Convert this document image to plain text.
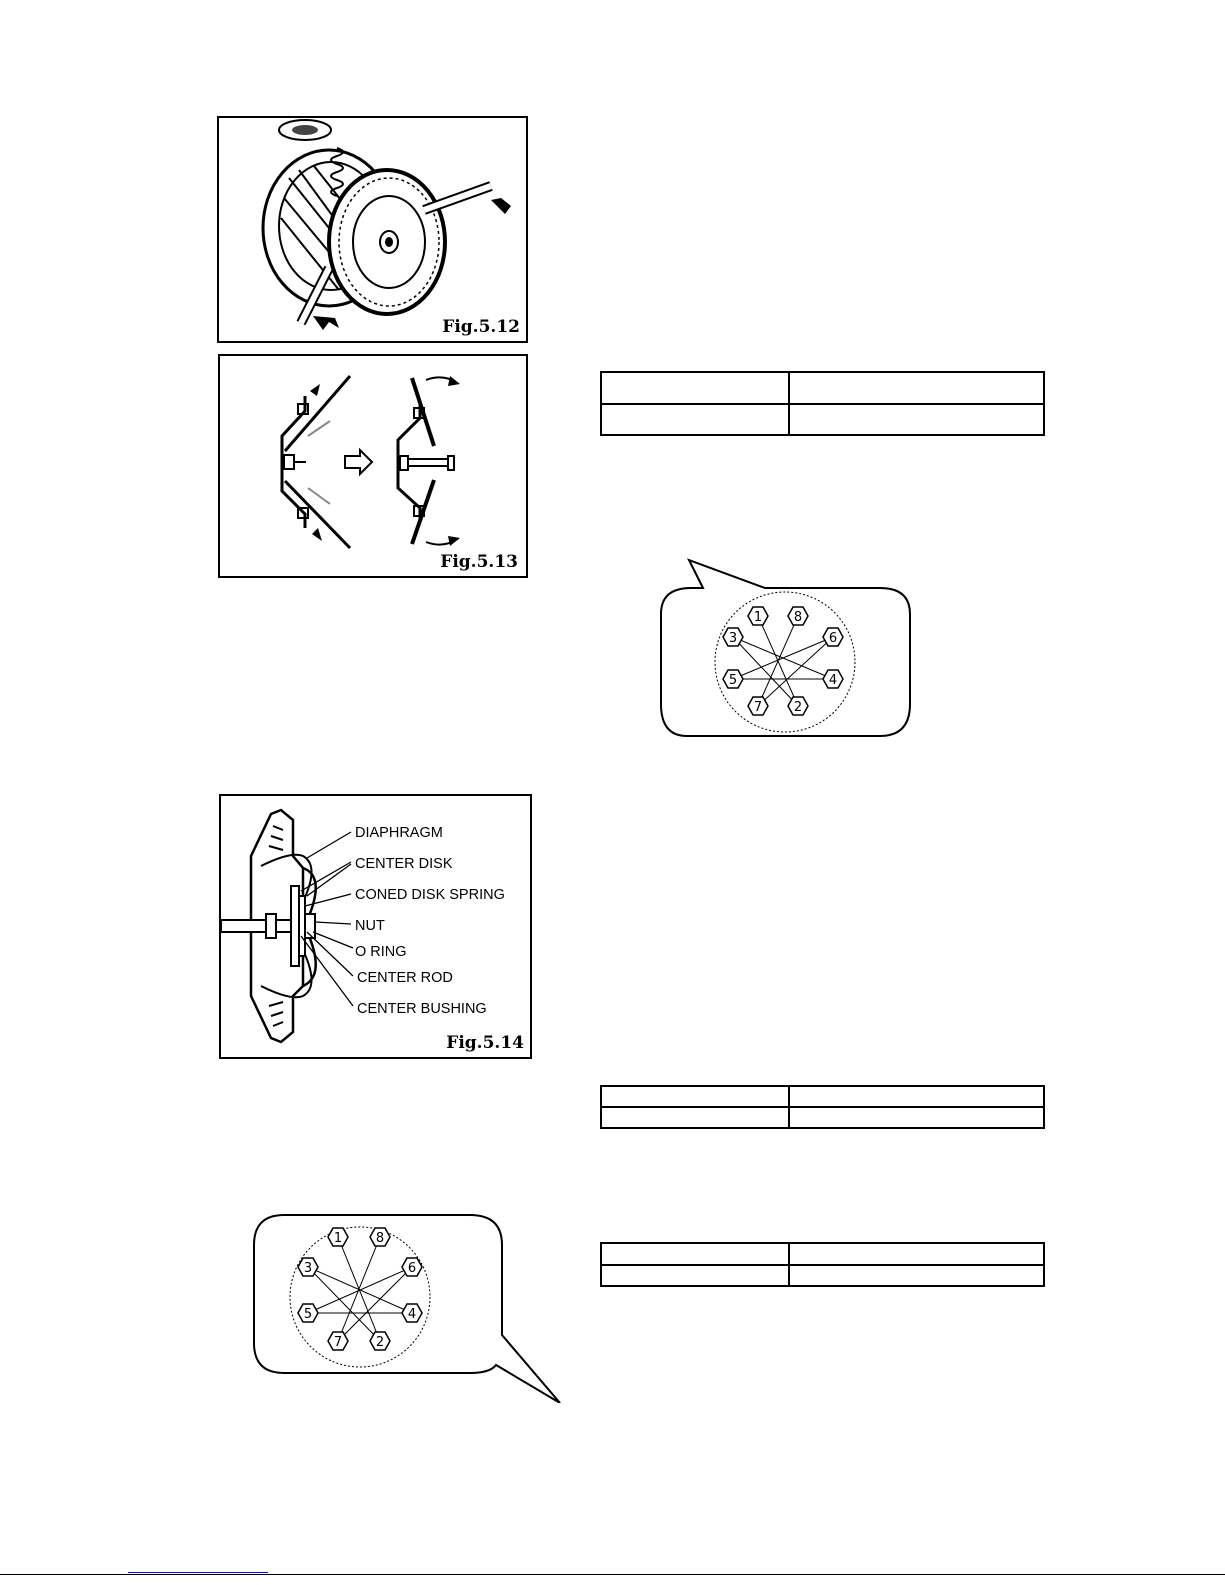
Fig.5.12
Fig.5.13

1 8
3	6
5	4
7 2
DIAPHRAGM
CENTER DISK
CONED DISK SPRING
NUT
O RING
CENTER ROD
CENTER BUSHING
Fig.5.14

1	8
3	6
5	4
7	2
